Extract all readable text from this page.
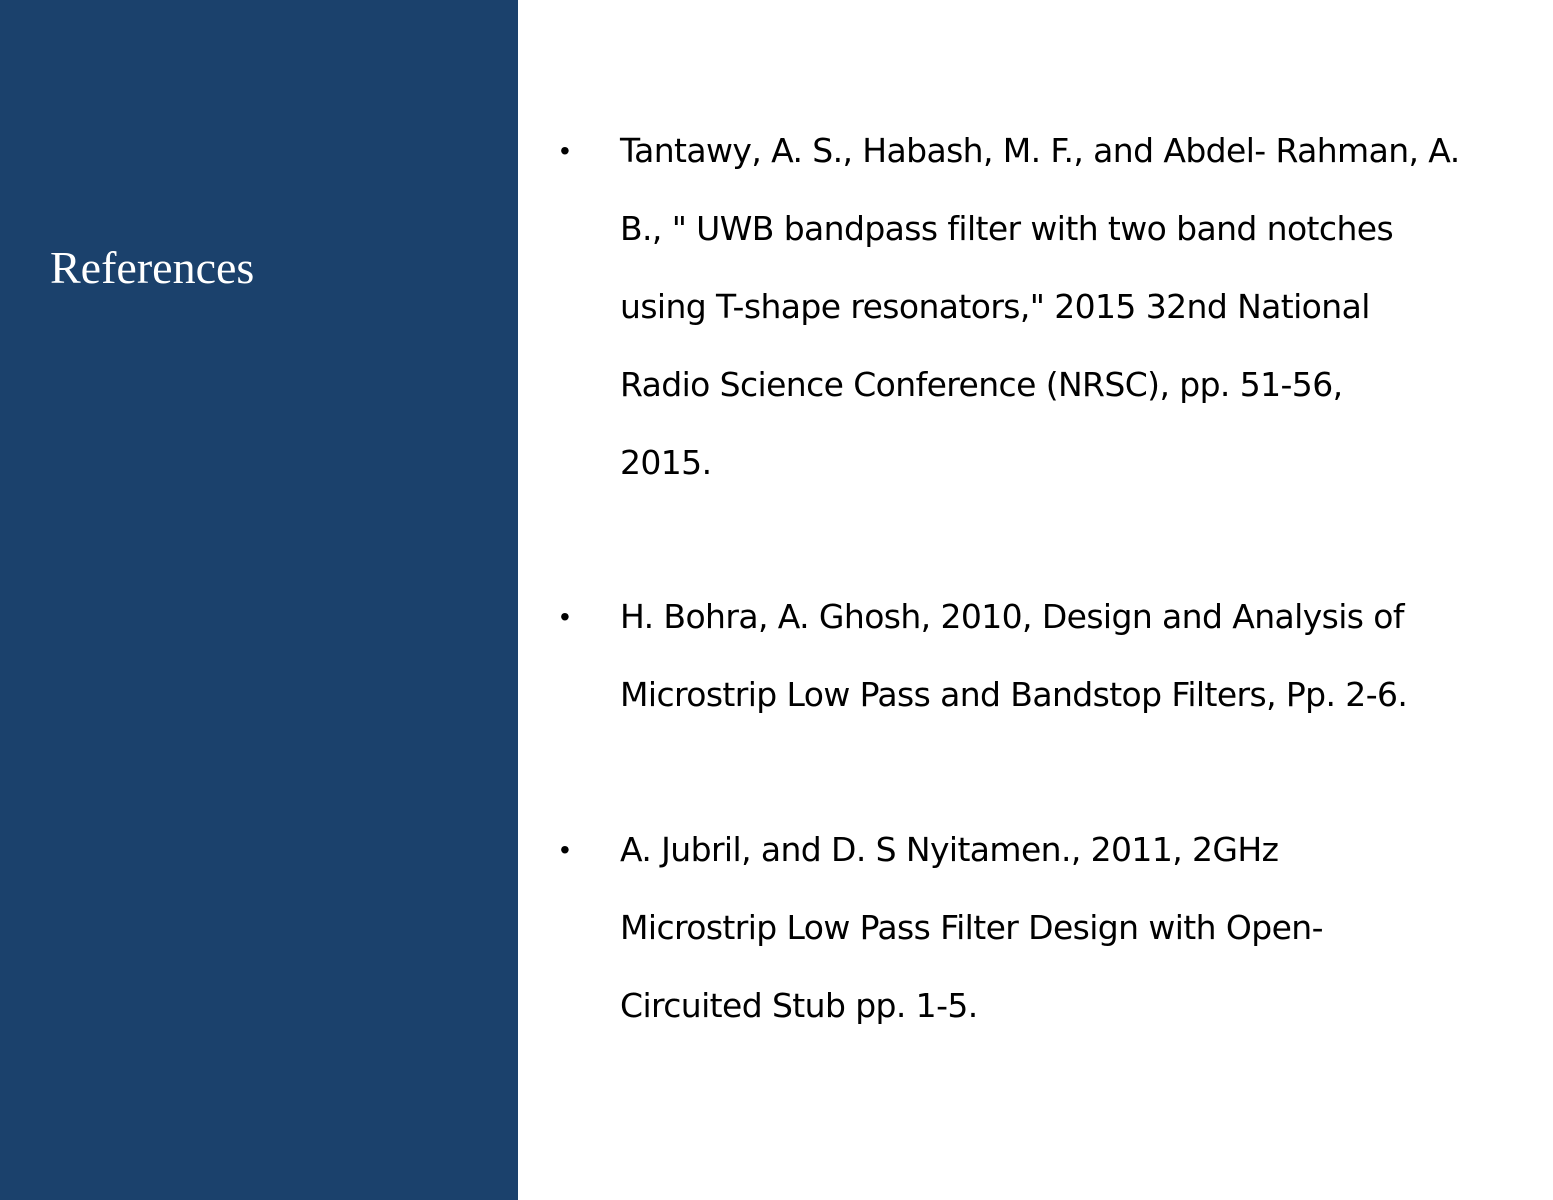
References
•	Tantawy, A. S., Habash, M. F., and Abdel- Rahman, A.
B., " UWB bandpass filter with two band notches
using T-shape resonators," 2015 32nd National
Radio Science Conference (NRSC), pp. 51-56,
2015.
•	H. Bohra, A. Ghosh, 2010, Design and Analysis of
Microstrip Low Pass and Bandstop Filters, Pp. 2-6.
•	A. Jubril, and D. S Nyitamen., 2011, 2GHz
Microstrip Low Pass Filter Design with Open-
Circuited Stub pp. 1-5.
